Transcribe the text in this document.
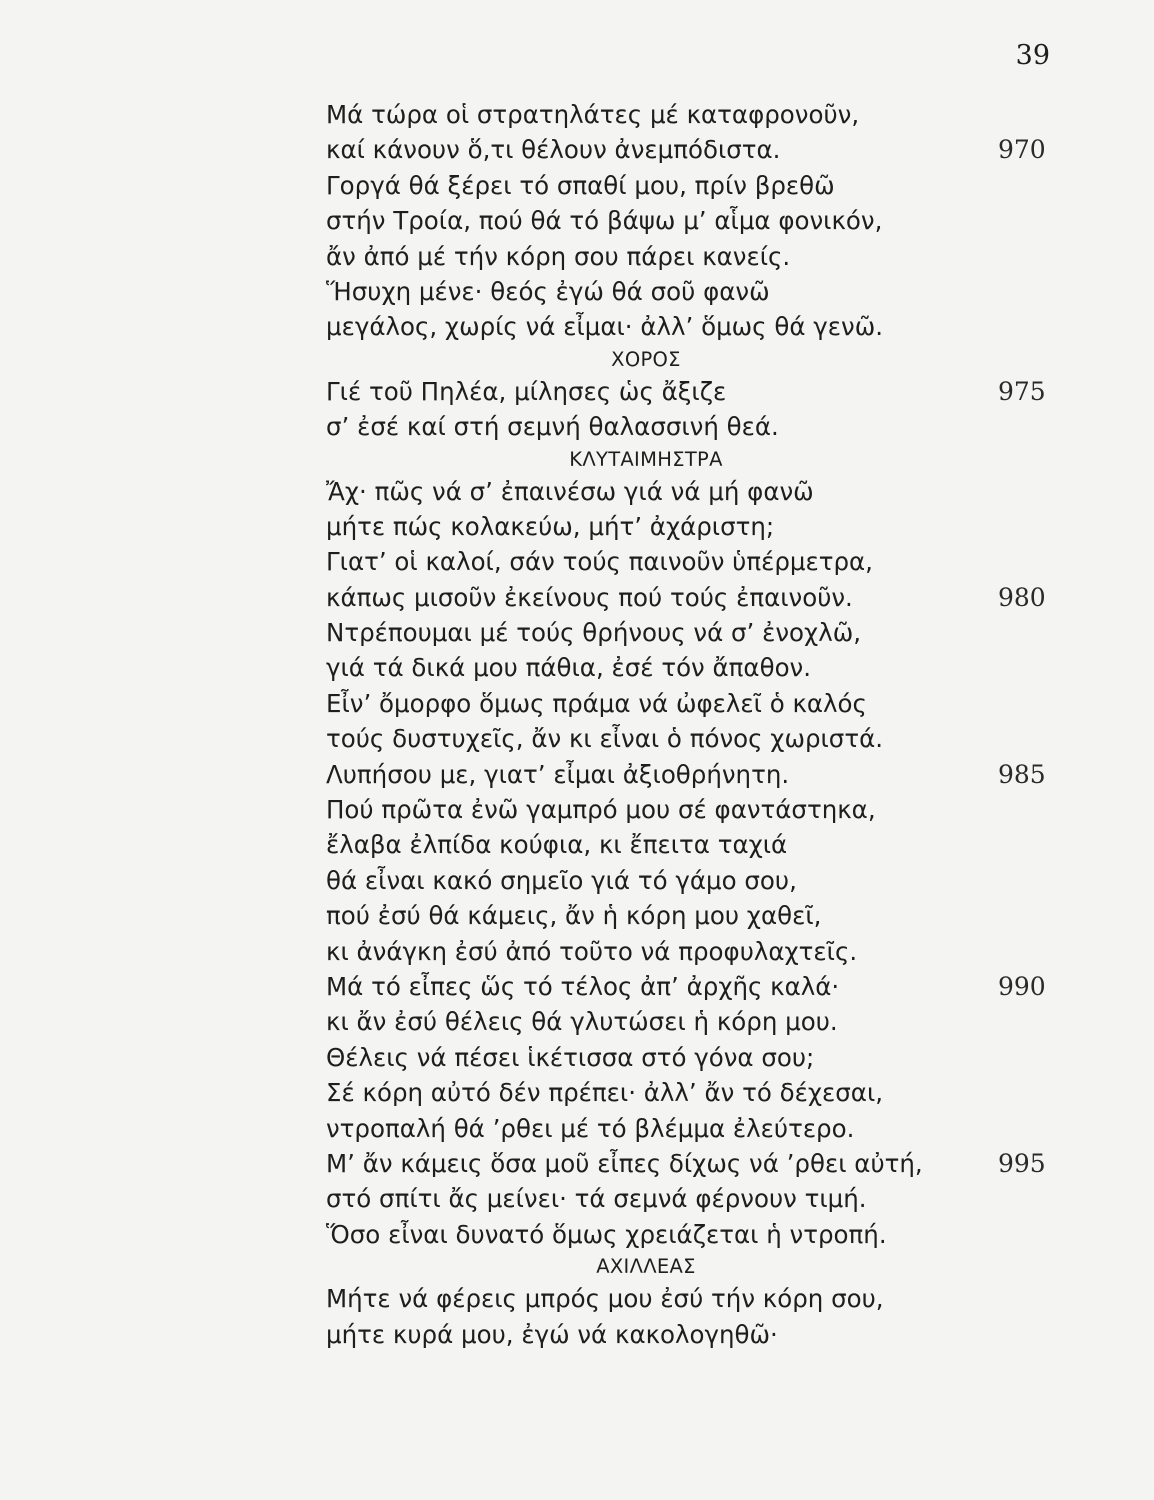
39
Μά τώρα οἱ στρατηλάτες μέ καταφρονοῦν,
καί κάνουν ὅ,τι θέλουν ἀνεμπόδιστα.	970
Γοργά θά ξέρει τό σπαθί μου, πρίν βρεθῶ
στήν Τροία, πού θά τό βάψω μ’ αἷμα φονικόν,
ἄν ἀπό μέ τήν κόρη σου πάρει κανείς.
Ἥσυχη μένε· θεός ἐγώ θά σοῦ φανῶ
μεγάλος, χωρίς νά εἶμαι· ἀλλ’ ὅμως θά γενῶ.
ΧΟΡΟΣ
Γιέ τοῦ Πηλέα, μίλησες ὡς ἄξιζε	975
σ’ ἐσέ καί στή σεμνή θαλασσινή θεά.
ΚΛΥΤΑΙΜΗΣΤΡΑ
Ἄχ· πῶς νά σ’ ἐπαινέσω γιά νά μή φανῶ
μήτε πώς κολακεύω, μήτ’ ἀχάριστη;
Γιατ’ οἱ καλοί, σάν τούς παινοῦν ὑπέρμετρα,
κάπως μισοῦν ἐκείνους πού τούς ἐπαινοῦν.	980
Ντρέπουμαι μέ τούς θρήνους νά σ’ ἐνοχλῶ,
γιά τά δικά μου πάθια, ἐσέ τόν ἄπαθον.
Εἶν’ ὄμορφο ὅμως πράμα νά ὠφελεῖ ὁ καλός
τούς δυστυχεῖς, ἄν κι εἶναι ὁ πόνος χωριστά.
Λυπήσου με, γιατ’ εἶμαι ἀξιοθρήνητη.	985
Πού πρῶτα ἐνῶ γαμπρό μου σέ φαντάστηκα,
ἔλαβα ἐλπίδα κούφια, κι ἔπειτα ταχιά
θά εἶναι κακό σημεῖο γιά τό γάμο σου,
πού ἐσύ θά κάμεις, ἄν ἡ κόρη μου χαθεῖ,
κι ἀνάγκη ἐσύ ἀπό τοῦτο νά προφυλαχτεῖς.
Μά τό εἶπες ὥς τό τέλος ἀπ’ ἀρχῆς καλά·	990
κι ἄν ἐσύ θέλεις θά γλυτώσει ἡ κόρη μου.
Θέλεις νά πέσει ἱκέτισσα στό γόνα σου;
Σέ κόρη αὐτό δέν πρέπει· ἀλλ’ ἄν τό δέχεσαι,
ντροπαλή θά ’ρθει μέ τό βλέμμα ἐλεύτερο.
Μ’ ἄν κάμεις ὅσα μοῦ εἶπες δίχως νά ’ρθει αὐτή,	995
στό σπίτι ἄς μείνει· τά σεμνά φέρνουν τιμή.
Ὅσο εἶναι δυνατό ὅμως χρειάζεται ἡ ντροπή.
ΑΧΙΛΛΕΑΣ
Μήτε νά φέρεις μπρός μου ἐσύ τήν κόρη σου,
μήτε κυρά μου, ἐγώ νά κακολογηθῶ·
